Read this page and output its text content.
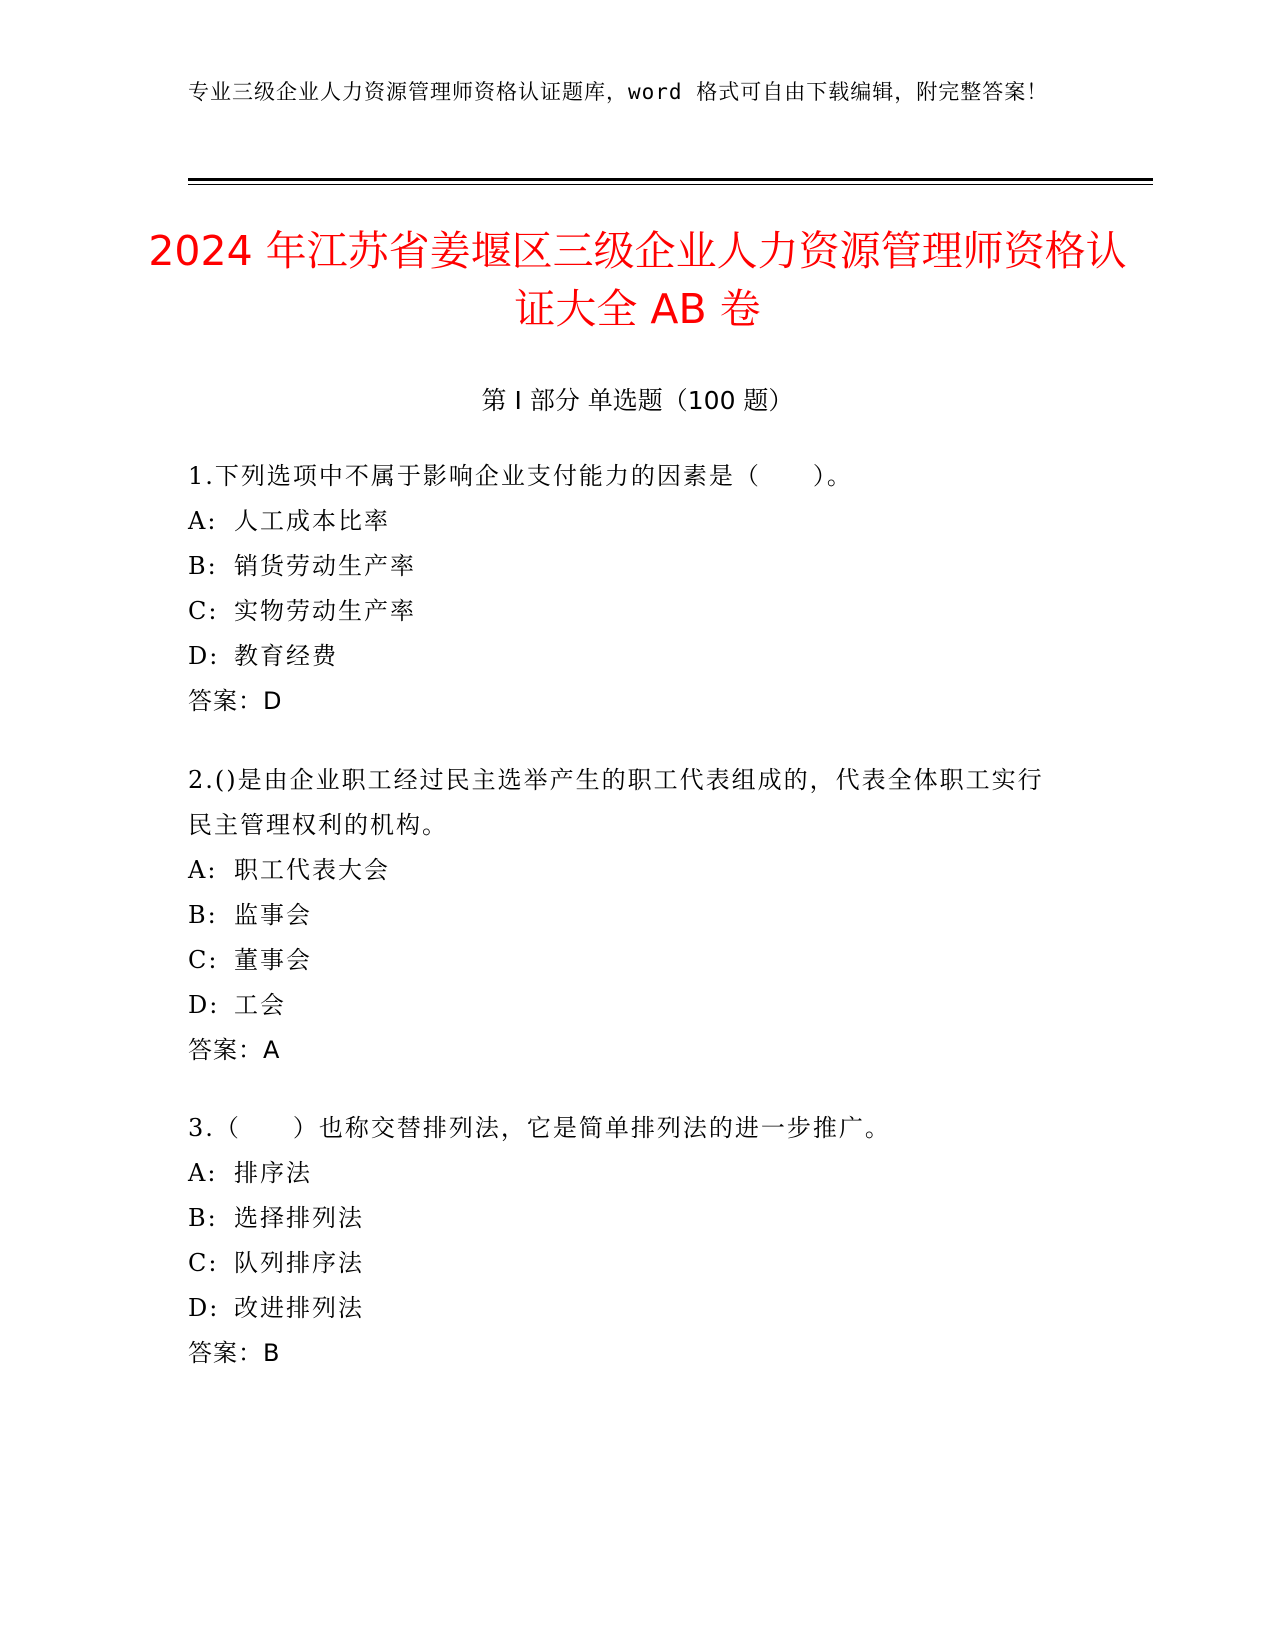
专业三级企业人力资源管理师资格认证题库，word 格式可自由下载编辑，附完整答案！
2024 年江苏省姜堰区三级企业人力资源管理师资格认证大全 AB 卷
第 I 部分 单选题（100 题）

1.下列选项中不属于影响企业支付能力的因素是（　　）。

A: 人工成本比率

B: 销货劳动生产率

C: 实物劳动生产率

D: 教育经费

答案：D

2.()是由企业职工经过民主选举产生的职工代表组成的，代表全体职工实行民主管理权利的机构。

A: 职工代表大会

B: 监事会

C: 董事会

D: 工会

答案：A

3.（　　）也称交替排列法，它是简单排列法的进一步推广。

A: 排序法

B: 选择排列法

C: 队列排序法

D: 改进排列法

答案：B
